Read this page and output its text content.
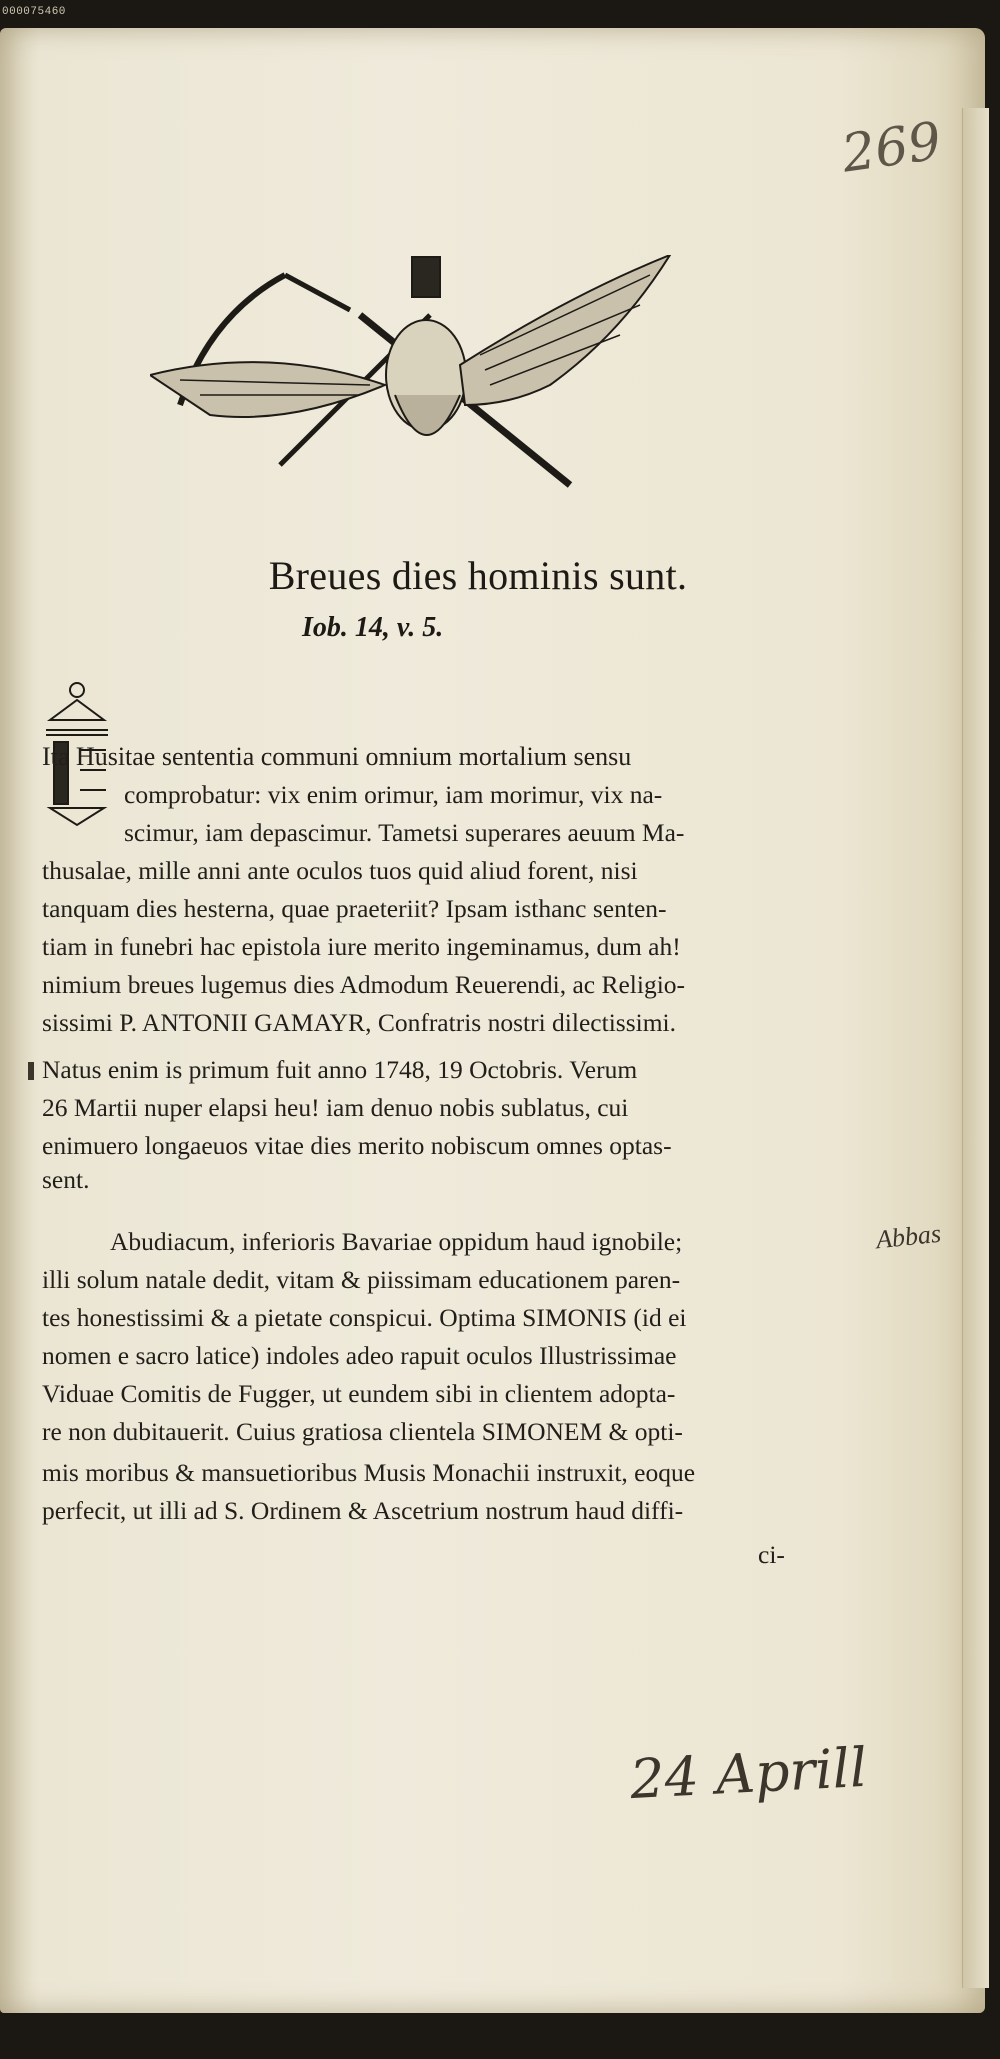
000075460
269
Breues dies hominis sunt.
Iob. 14, v. 5.
Ita Husitae sententia communi omnium mortalium sensu
comprobatur: vix enim orimur, iam morimur, vix na-
scimur, iam depascimur. Tametsi superares aeuum Ma-
thusalae, mille anni ante oculos tuos quid aliud forent, nisi
tanquam dies hesterna, quae praeteriit? Ipsam isthanc senten-
tiam in funebri hac epistola iure merito ingeminamus, dum ah!
nimium breues lugemus dies Admodum Reuerendi, ac Religio-
sissimi P. ANTONII GAMAYR, Confratris nostri dilectissimi.
Natus enim is primum fuit anno 1748, 19 Octobris. Verum
26 Martii nuper elapsi heu! iam denuo nobis sublatus, cui
enimuero longaeuos vitae dies merito nobiscum omnes optas-
sent.
Abudiacum, inferioris Bavariae oppidum haud ignobile;
illi solum natale dedit, vitam & piissimam educationem paren-
tes honestissimi & a pietate conspicui. Optima SIMONIS (id ei
nomen e sacro latice) indoles adeo rapuit oculos Illustrissimae
Viduae Comitis de Fugger, ut eundem sibi in clientem adopta-
re non dubitauerit. Cuius gratiosa clientela SIMONEM & opti-
mis moribus & mansuetioribus Musis Monachii instruxit, eoque
perfecit, ut illi ad S. Ordinem & Ascetrium nostrum haud diffi-
ci-
Abbas
24 Aprill
